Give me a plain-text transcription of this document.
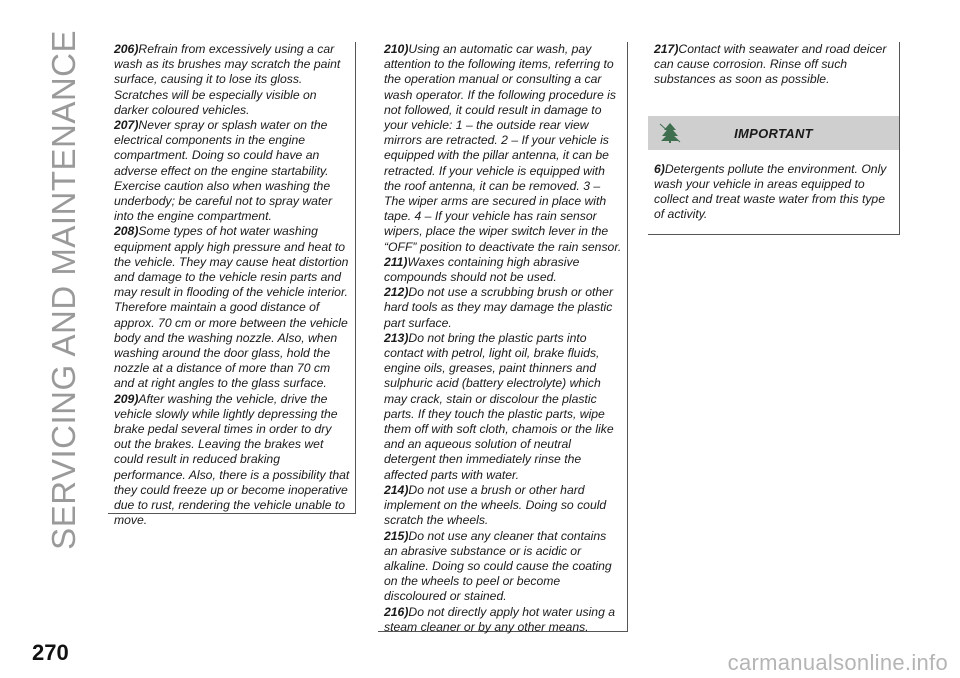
SERVICING AND MAINTENANCE	206)Refrain from excessively using a car wash as its brushes may scratch the paint surface, causing it to lose its gloss. Scratches will be especially visible on darker coloured vehicles.

207)Never spray or splash water on the electrical components in the engine compartment. Doing so could have an adverse effect on the engine startability. Exercise caution also when washing the underbody; be careful not to spray water into the engine compartment.

208)Some types of hot water washing equipment apply high pressure and heat to the vehicle. They may cause heat distortion and damage to the vehicle resin parts and may result in flooding of the vehicle interior. Therefore maintain a good distance of approx. 70 cm or more between the vehicle body and the washing nozzle. Also, when washing around the door glass, hold the nozzle at a distance of more than 70 cm and at right angles to the glass surface.

209)After washing the vehicle, drive the vehicle slowly while lightly depressing the brake pedal several times in order to dry out the brakes. Leaving the brakes wet could result in reduced braking performance. Also, there is a possibility that they could freeze up or become inoperative due to rust, rendering the vehicle unable to move.

210)Using an automatic car wash, pay attention to the following items, referring to the operation manual or consulting a car wash operator. If the following procedure is not followed, it could result in damage to your vehicle: 1 – the outside rear view mirrors are retracted. 2 – If your vehicle is equipped with the pillar antenna, it can be retracted. If your vehicle is equipped with the roof antenna, it can be removed. 3 – The wiper arms are secured in place with tape. 4 – If your vehicle has rain sensor wipers, place the wiper switch lever in the “OFF” position to deactivate the rain sensor.

211)Waxes containing high abrasive compounds should not be used.

212)Do not use a scrubbing brush or other hard tools as they may damage the plastic part surface.

213)Do not bring the plastic parts into contact with petrol, light oil, brake fluids, engine oils, greases, paint thinners and sulphuric acid (battery electrolyte) which may crack, stain or discolour the plastic parts. If they touch the plastic parts, wipe them off with soft cloth, chamois or the like and an aqueous solution of neutral detergent then immediately rinse the affected parts with water.

214)Do not use a brush or other hard implement on the wheels. Doing so could scratch the wheels.

215)Do not use any cleaner that contains an abrasive substance or is acidic or alkaline. Doing so could cause the coating on the wheels to peel or become discoloured or stained.

216)Do not directly apply hot water using a steam cleaner or by any other means.

217)Contact with seawater and road deicer can cause corrosion. Rinse off such substances as soon as possible.

IMPORTANT

6)Detergents pollute the environment. Only wash your vehicle in areas equipped to collect and treat waste water from this type of activity.

270	carmanualsonline.info
